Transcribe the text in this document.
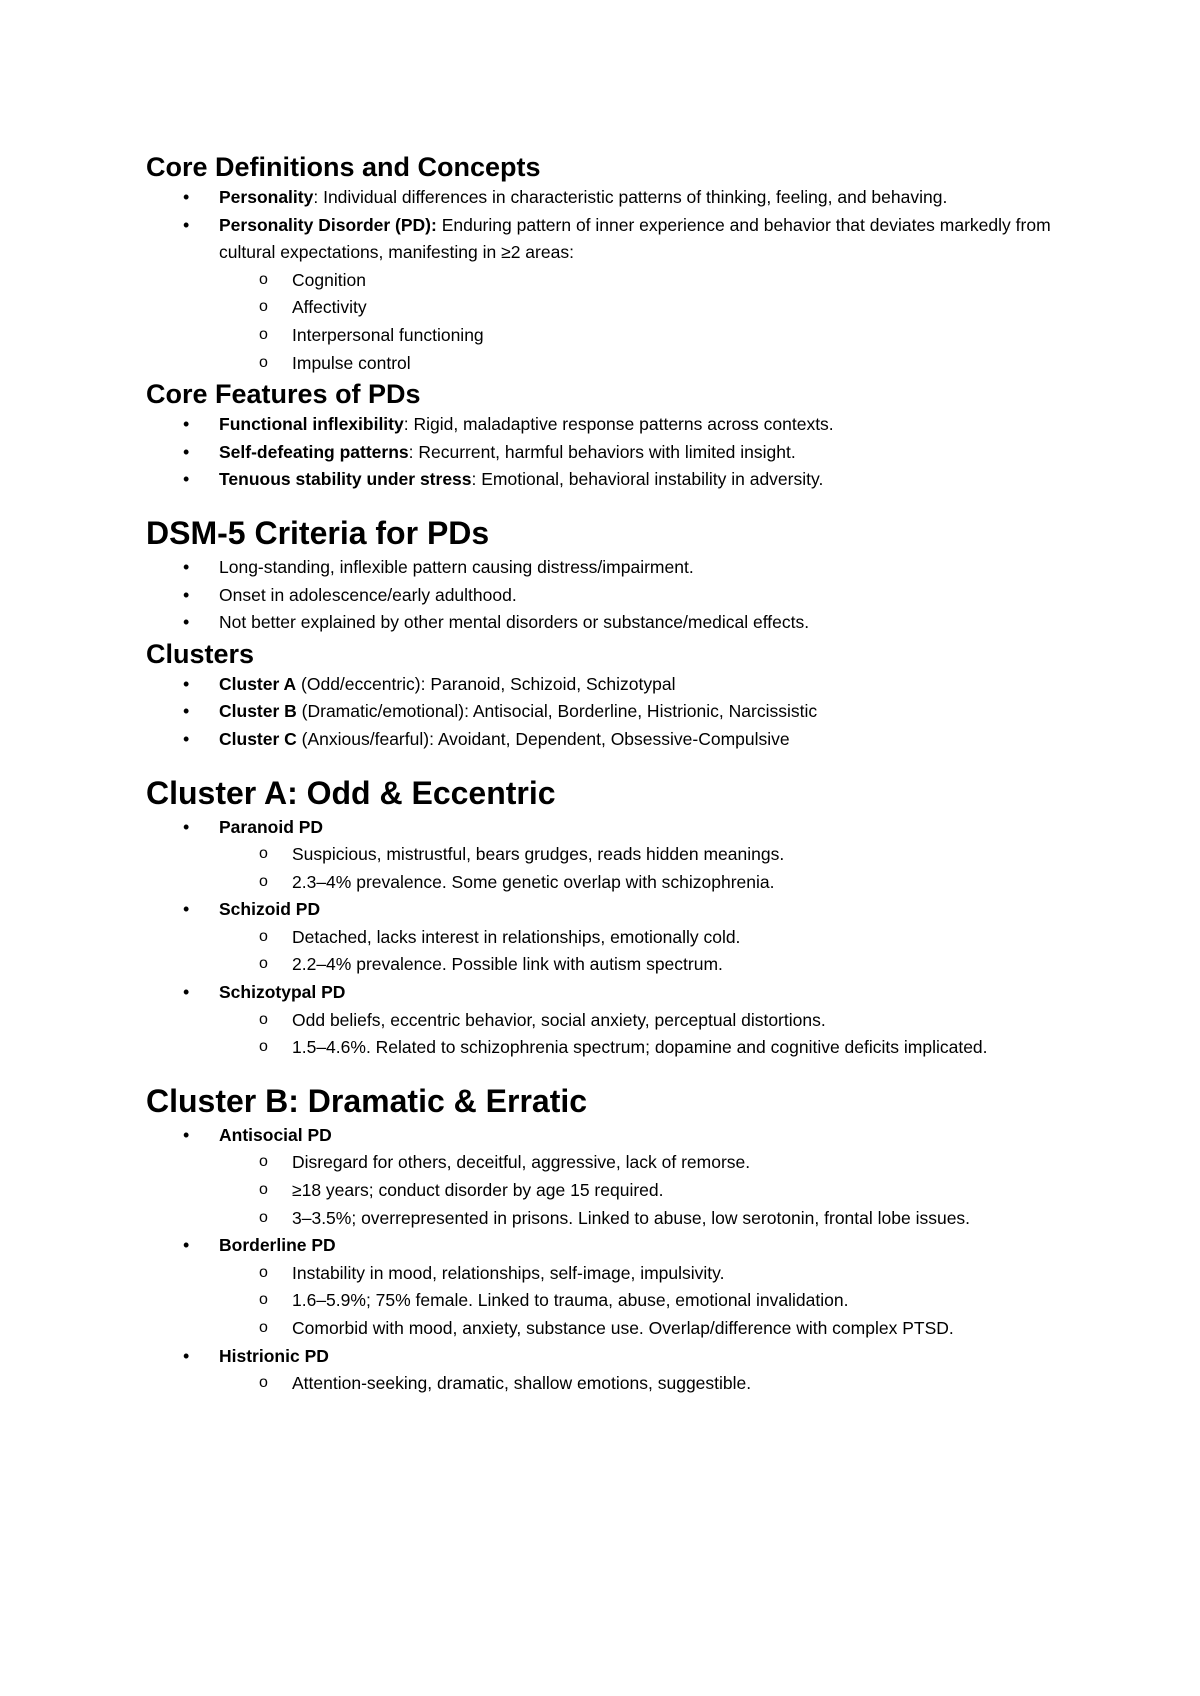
Core Definitions and Concepts
• Personality: Individual differences in characteristic patterns of thinking, feeling, and behaving.
• Personality Disorder (PD): Enduring pattern of inner experience and behavior that deviates markedly from cultural expectations, manifesting in ≥2 areas:
o Cognition
o Affectivity
o Interpersonal functioning
o Impulse control
Core Features of PDs
• Functional inflexibility: Rigid, maladaptive response patterns across contexts.
• Self-defeating patterns: Recurrent, harmful behaviors with limited insight.
• Tenuous stability under stress: Emotional, behavioral instability in adversity.
DSM-5 Criteria for PDs
• Long-standing, inflexible pattern causing distress/impairment.
• Onset in adolescence/early adulthood.
• Not better explained by other mental disorders or substance/medical effects.
Clusters
• Cluster A (Odd/eccentric): Paranoid, Schizoid, Schizotypal
• Cluster B (Dramatic/emotional): Antisocial, Borderline, Histrionic, Narcissistic
• Cluster C (Anxious/fearful): Avoidant, Dependent, Obsessive-Compulsive
Cluster A: Odd & Eccentric
• Paranoid PD
o Suspicious, mistrustful, bears grudges, reads hidden meanings.
o 2.3–4% prevalence. Some genetic overlap with schizophrenia.
• Schizoid PD
o Detached, lacks interest in relationships, emotionally cold.
o 2.2–4% prevalence. Possible link with autism spectrum.
• Schizotypal PD
o Odd beliefs, eccentric behavior, social anxiety, perceptual distortions.
o 1.5–4.6%. Related to schizophrenia spectrum; dopamine and cognitive deficits implicated.
Cluster B: Dramatic & Erratic
• Antisocial PD
o Disregard for others, deceitful, aggressive, lack of remorse.
o ≥18 years; conduct disorder by age 15 required.
o 3–3.5%; overrepresented in prisons. Linked to abuse, low serotonin, frontal lobe issues.
• Borderline PD
o Instability in mood, relationships, self-image, impulsivity.
o 1.6–5.9%; 75% female. Linked to trauma, abuse, emotional invalidation.
o Comorbid with mood, anxiety, substance use. Overlap/difference with complex PTSD.
• Histrionic PD
o Attention-seeking, dramatic, shallow emotions, suggestible.
